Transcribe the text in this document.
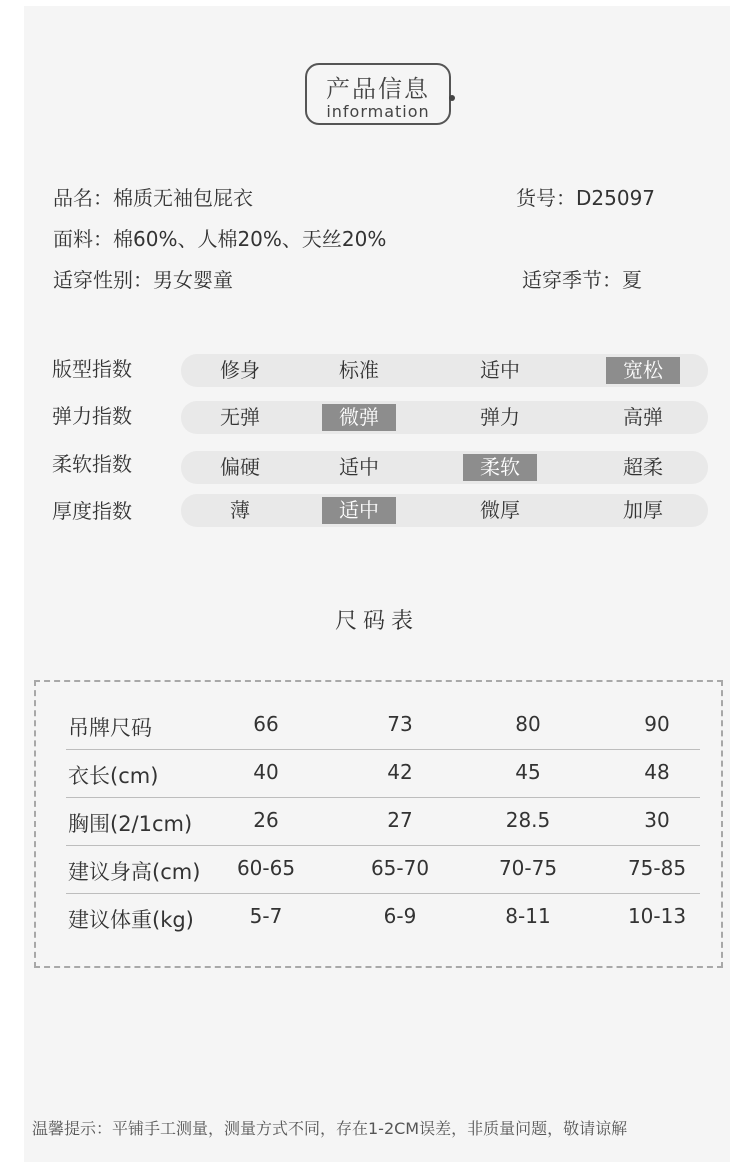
产品信息
information
品名：棉质无袖包屁衣	货号：D25097
面料：棉60%、人棉20%、天丝20%
适穿性别：男女婴童	适穿季节：夏
版型指数	修身	标准	适中	宽松
弹力指数	无弹	微弹	弹力	高弹
柔软指数	偏硬	适中	柔软	超柔
厚度指数	薄	适中	微厚	加厚
尺码表
吊牌尺码	66	73	80	90
衣长(cm)	40	42	45	48
胸围(2/1cm)	26	27	28.5	30
建议身高(cm)	60-65	65-70	70-75	75-85
建议体重(kg)	5-7	6-9	8-11	10-13
温馨提示：平铺手工测量，测量方式不同，存在1-2CM误差，非质量问题，敬请谅解
